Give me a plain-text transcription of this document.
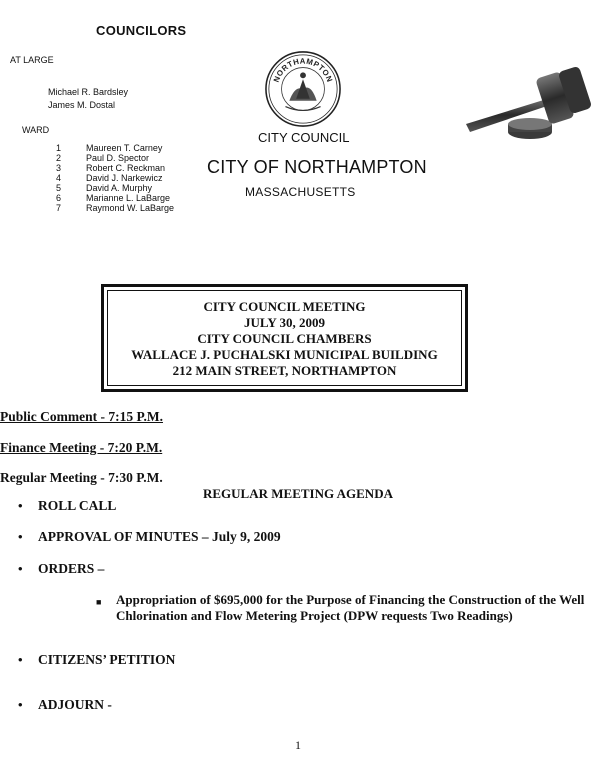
COUNCILORS
AT LARGE
Michael R. Bardsley
James M. Dostal
WARD
1	Maureen T. Carney
2	Paul D. Spector
3	Robert C. Reckman
4	David J. Narkewicz
5	David A. Murphy
6	Marianne L. LaBarge
7	Raymond W. LaBarge
NORTHAMPTON
CITY COUNCIL
CITY OF NORTHAMPTON
MASSACHUSETTS
CITY COUNCIL MEETING
JULY 30, 2009
CITY COUNCIL CHAMBERS
WALLACE J. PUCHALSKI MUNICIPAL BUILDING
212 MAIN STREET, NORTHAMPTON
.................................
Public Comment - 7:15 P.M.
Finance Meeting - 7:20 P.M.
Regular Meeting - 7:30 P.M.
REGULAR MEETING AGENDA
•	ROLL CALL
•	APPROVAL OF MINUTES – July 9, 2009
•	ORDERS –
■	Appropriation of $695,000 for the Purpose of Financing the Construction of the Well Chlorination and Flow Metering Project (DPW requests Two Readings)
•	CITIZENS’ PETITION
•	ADJOURN -
1
